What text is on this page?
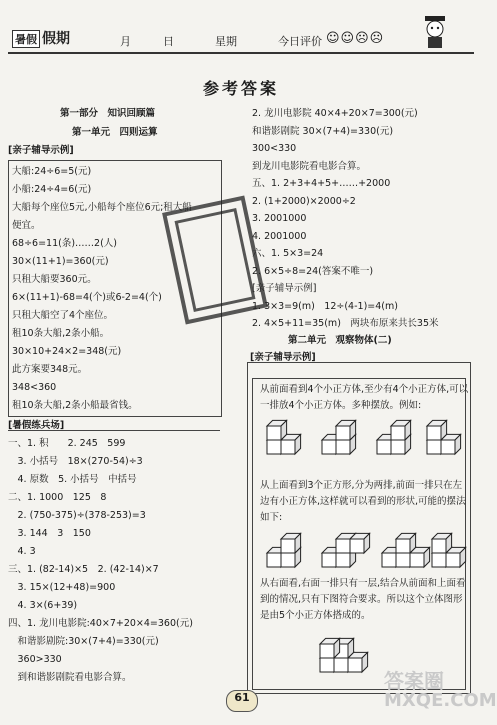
暑假 假期	月	日	星期	今日评价 ☺☺☹☹
参考答案
第一部分　知识回顾篇
第一单元　四则运算
[亲子辅导示例]
大船:24÷6=5(元)
小船:24÷4=6(元)
大船每个座位5元,小船每个座位6元;租大船
便宜。
68÷6=11(条)……2(人)
30×(11+1)=360(元)
只租大船要360元。
6×(11+1)-68=4(个)或6-2=4(个)
只租大船空了4个座位。
租10条大船,2条小船。
30×10+24×2=348(元)
此方案要348元。
348<360
租10条大船,2条小船最省钱。
[暑假练兵场]
一、1. 积　　2. 245　599
　3. 小括号　18×(270-54)÷3
　4. 原数　5. 小括号　中括号
二、1. 1000　125　8
　2. (750-375)÷(378-253)=3
　3. 144　3　150
　4. 3
三、1. (82-14)×5　2. (42-14)×7
　3. 15×(12+48)=900
　4. 3×(6+39)
四、1. 龙川电影院:40×7+20×4=360(元)
　和谐影剧院:30×(7+4)=330(元)
　360>330
　到和谐影剧院看电影合算。
2. 龙川电影院 40×4+20×7=300(元)
和谐影剧院 30×(7+4)=330(元)
300<330
到龙川电影院看电影合算。
五、1. 2+3+4+5+……+2000
2. (1+2000)×2000÷2
3. 2001000
4. 2001000
六、1. 5×3=24
2. 6×5÷8=24(答案不唯一)
[亲子辅导示例]
1. 3×3=9(m)　12÷(4-1)=4(m)
2. 4×5+11=35(m)　两块布原来共长35米
第二单元　观察物体(二)
[亲子辅导示例]
从前面看到4个小正方体,至少有4个小正方体,可以
一排放4个小正方体。多种摆放。例如:
从上面看到3个正方形,分为两排,前面一排只在左
边有小正方体,这样就可以看到的形状,可能的摆法
如下:
从右面看,右面一排只有一层,结合从前面和上面看
到的情况,只有下图符合要求。所以这个立体图形
是由5个小正方体搭成的。
61
答案圈
MXQE.COM
